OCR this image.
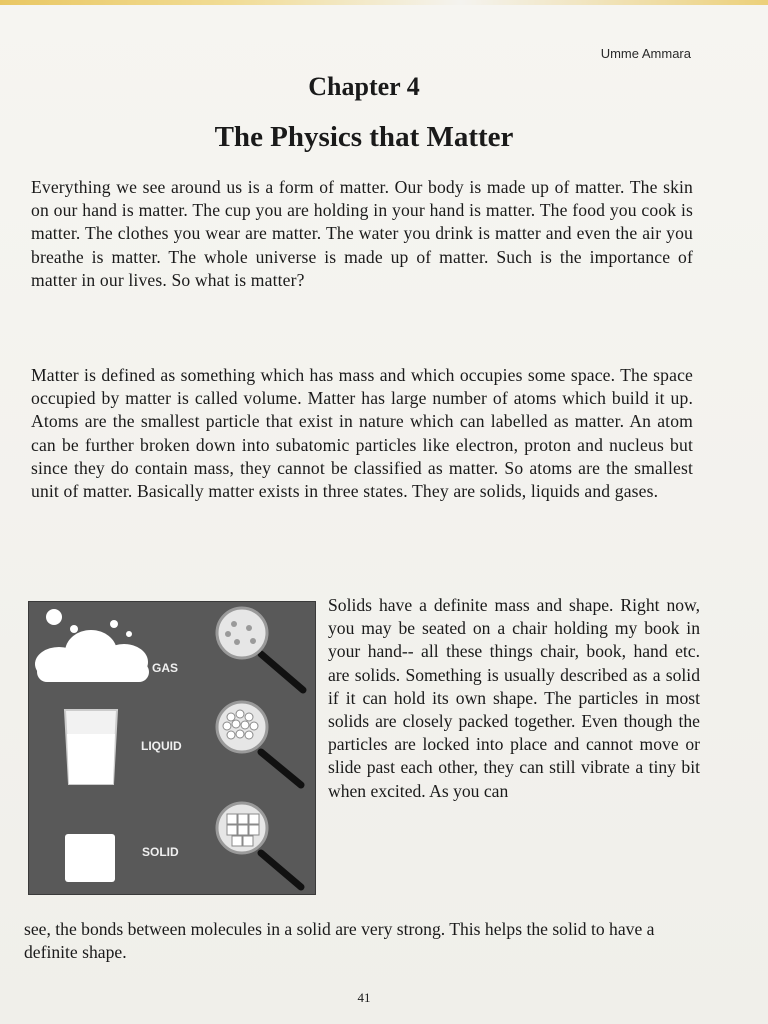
Umme Ammara
Chapter 4
The Physics that Matter
Everything we see around us is a form of matter. Our body is made up of matter. The skin on our hand is matter. The cup you are holding in your hand is matter. The food you cook is matter. The clothes you wear are matter. The water you drink is matter and even the air you breathe is matter. The whole universe is made up of matter. Such is the importance of matter in our lives. So what is matter?
Matter is defined as something which has mass and which occupies some space. The space occupied by matter is called volume. Matter has large number of atoms which build it up. Atoms are the smallest particle that exist in nature which can labelled as matter. An atom can be further broken down into subatomic particles like electron, proton and nucleus but since they do contain mass, they cannot be classified as matter. So atoms are the smallest unit of matter. Basically matter exists in three states. They are solids, liquids and gases.
GAS
LIQUID
SOLID
Solids have a definite mass and shape. Right now, you may be seated on a chair holding my book in your hand-- all these things chair, book, hand etc. are solids. Something is usually described as a solid if it can hold its own shape. The particles in most solids are closely packed together. Even though the particles are locked into place and cannot move or slide past each other, they can still vibrate a tiny bit when excited. As you can
see, the bonds between molecules in a solid are very strong. This helps the solid to have a definite shape.
41
